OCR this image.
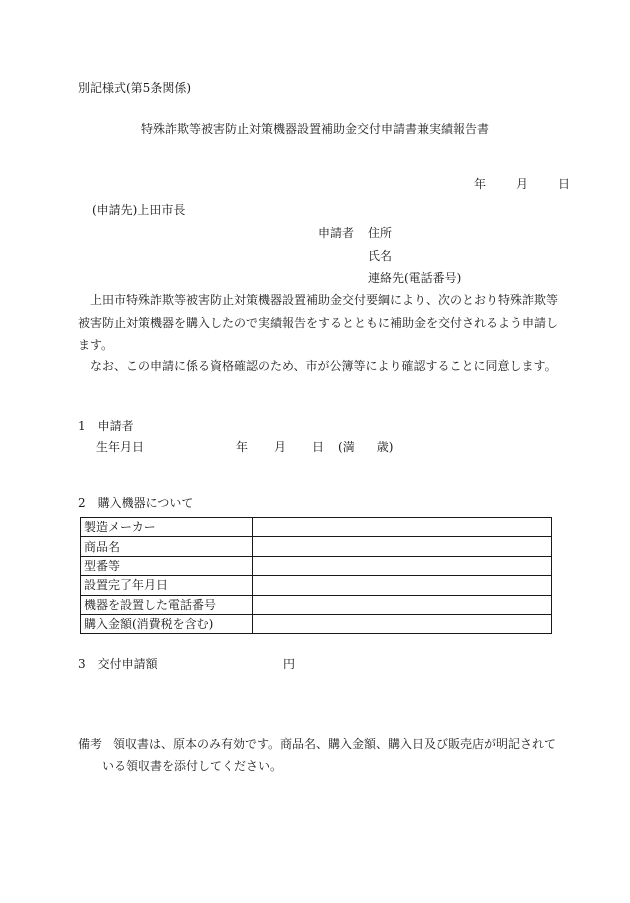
別記様式(第5条関係)
特殊詐欺等被害防止対策機器設置補助金交付申請書兼実績報告書
年	月	日
(申請先)上田市長
申請者 住所
氏名
連絡先(電話番号)
上田市特殊詐欺等被害防止対策機器設置補助金交付要綱により、次のとおり特殊詐欺等被害防止対策機器を購入したので実績報告をするとともに補助金を交付されるよう申請します。
なお、この申請に係る資格確認のため、市が公簿等により確認することに同意します。
1　申請者
生年月日	年 月 日 (満 歳)
2　購入機器について
製造メーカー	
商品名	
型番等	
設置完了年月日	
機器を設置した電話番号	
購入金額(消費税を含む)	
3　交付申請額	円
備考 領収書は、原本のみ有効です。商品名、購入金額、購入日及び販売店が明記されて
いる領収書を添付してください。
